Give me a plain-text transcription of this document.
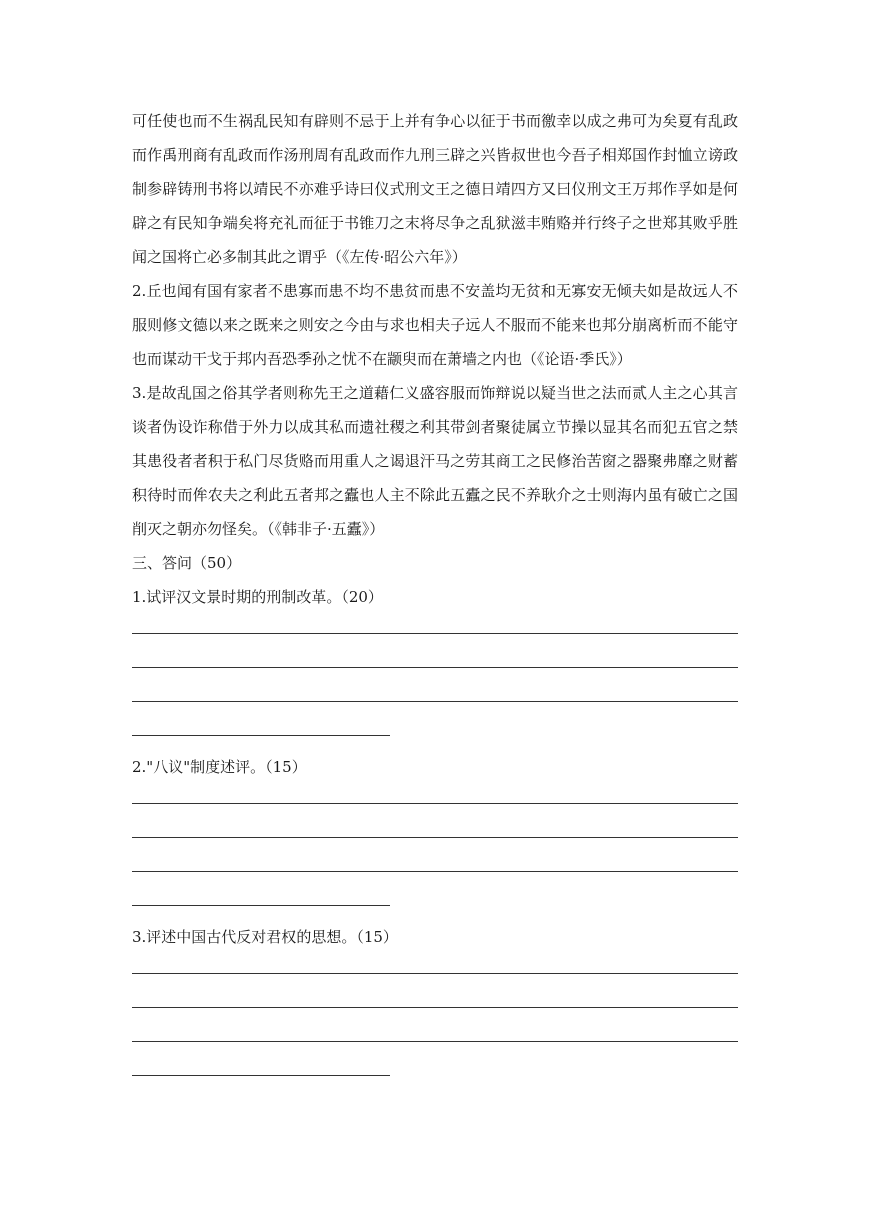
可任使也而不生祸乱民知有辟则不忌于上并有争心以征于书而徼幸以成之弗可为矣夏有乱政而作禹刑商有乱政而作汤刑周有乱政而作九刑三辟之兴皆叔世也今吾子相郑国作封恤立谤政制参辟铸刑书将以靖民不亦难乎诗曰仪式刑文王之德日靖四方又曰仪刑文王万邦作孚如是何辟之有民知争端矣将充礼而征于书锥刀之末将尽争之乱狱滋丰贿赂并行终子之世郑其败乎胜闻之国将亡必多制其此之谓乎（《左传·昭公六年》）

2.丘也闻有国有家者不患寡而患不均不患贫而患不安盖均无贫和无寡安无倾夫如是故远人不服则修文德以来之既来之则安之今由与求也相夫子远人不服而不能来也邦分崩离析而不能守也而谋动干戈于邦内吾恐季孙之忧不在颛臾而在萧墙之内也（《论语·季氏》）

3.是故乱国之俗其学者则称先王之道藉仁义盛容服而饰辩说以疑当世之法而贰人主之心其言谈者伪设诈称借于外力以成其私而遗社稷之利其带剑者聚徒属立节操以显其名而犯五官之禁其患役者者积于私门尽货赂而用重人之谒退汗马之劳其商工之民修治苦窗之器聚弗靡之财蓄积待时而侔农夫之利此五者邦之蠹也人主不除此五蠹之民不养耿介之士则海内虽有破亡之国削灭之朝亦勿怪矣。（《韩非子·五蠹》）

三、答问（50）

1.试评汉文景时期的刑制改革。（20）

2."八议"制度述评。（15）

3.评述中国古代反对君权的思想。（15）
